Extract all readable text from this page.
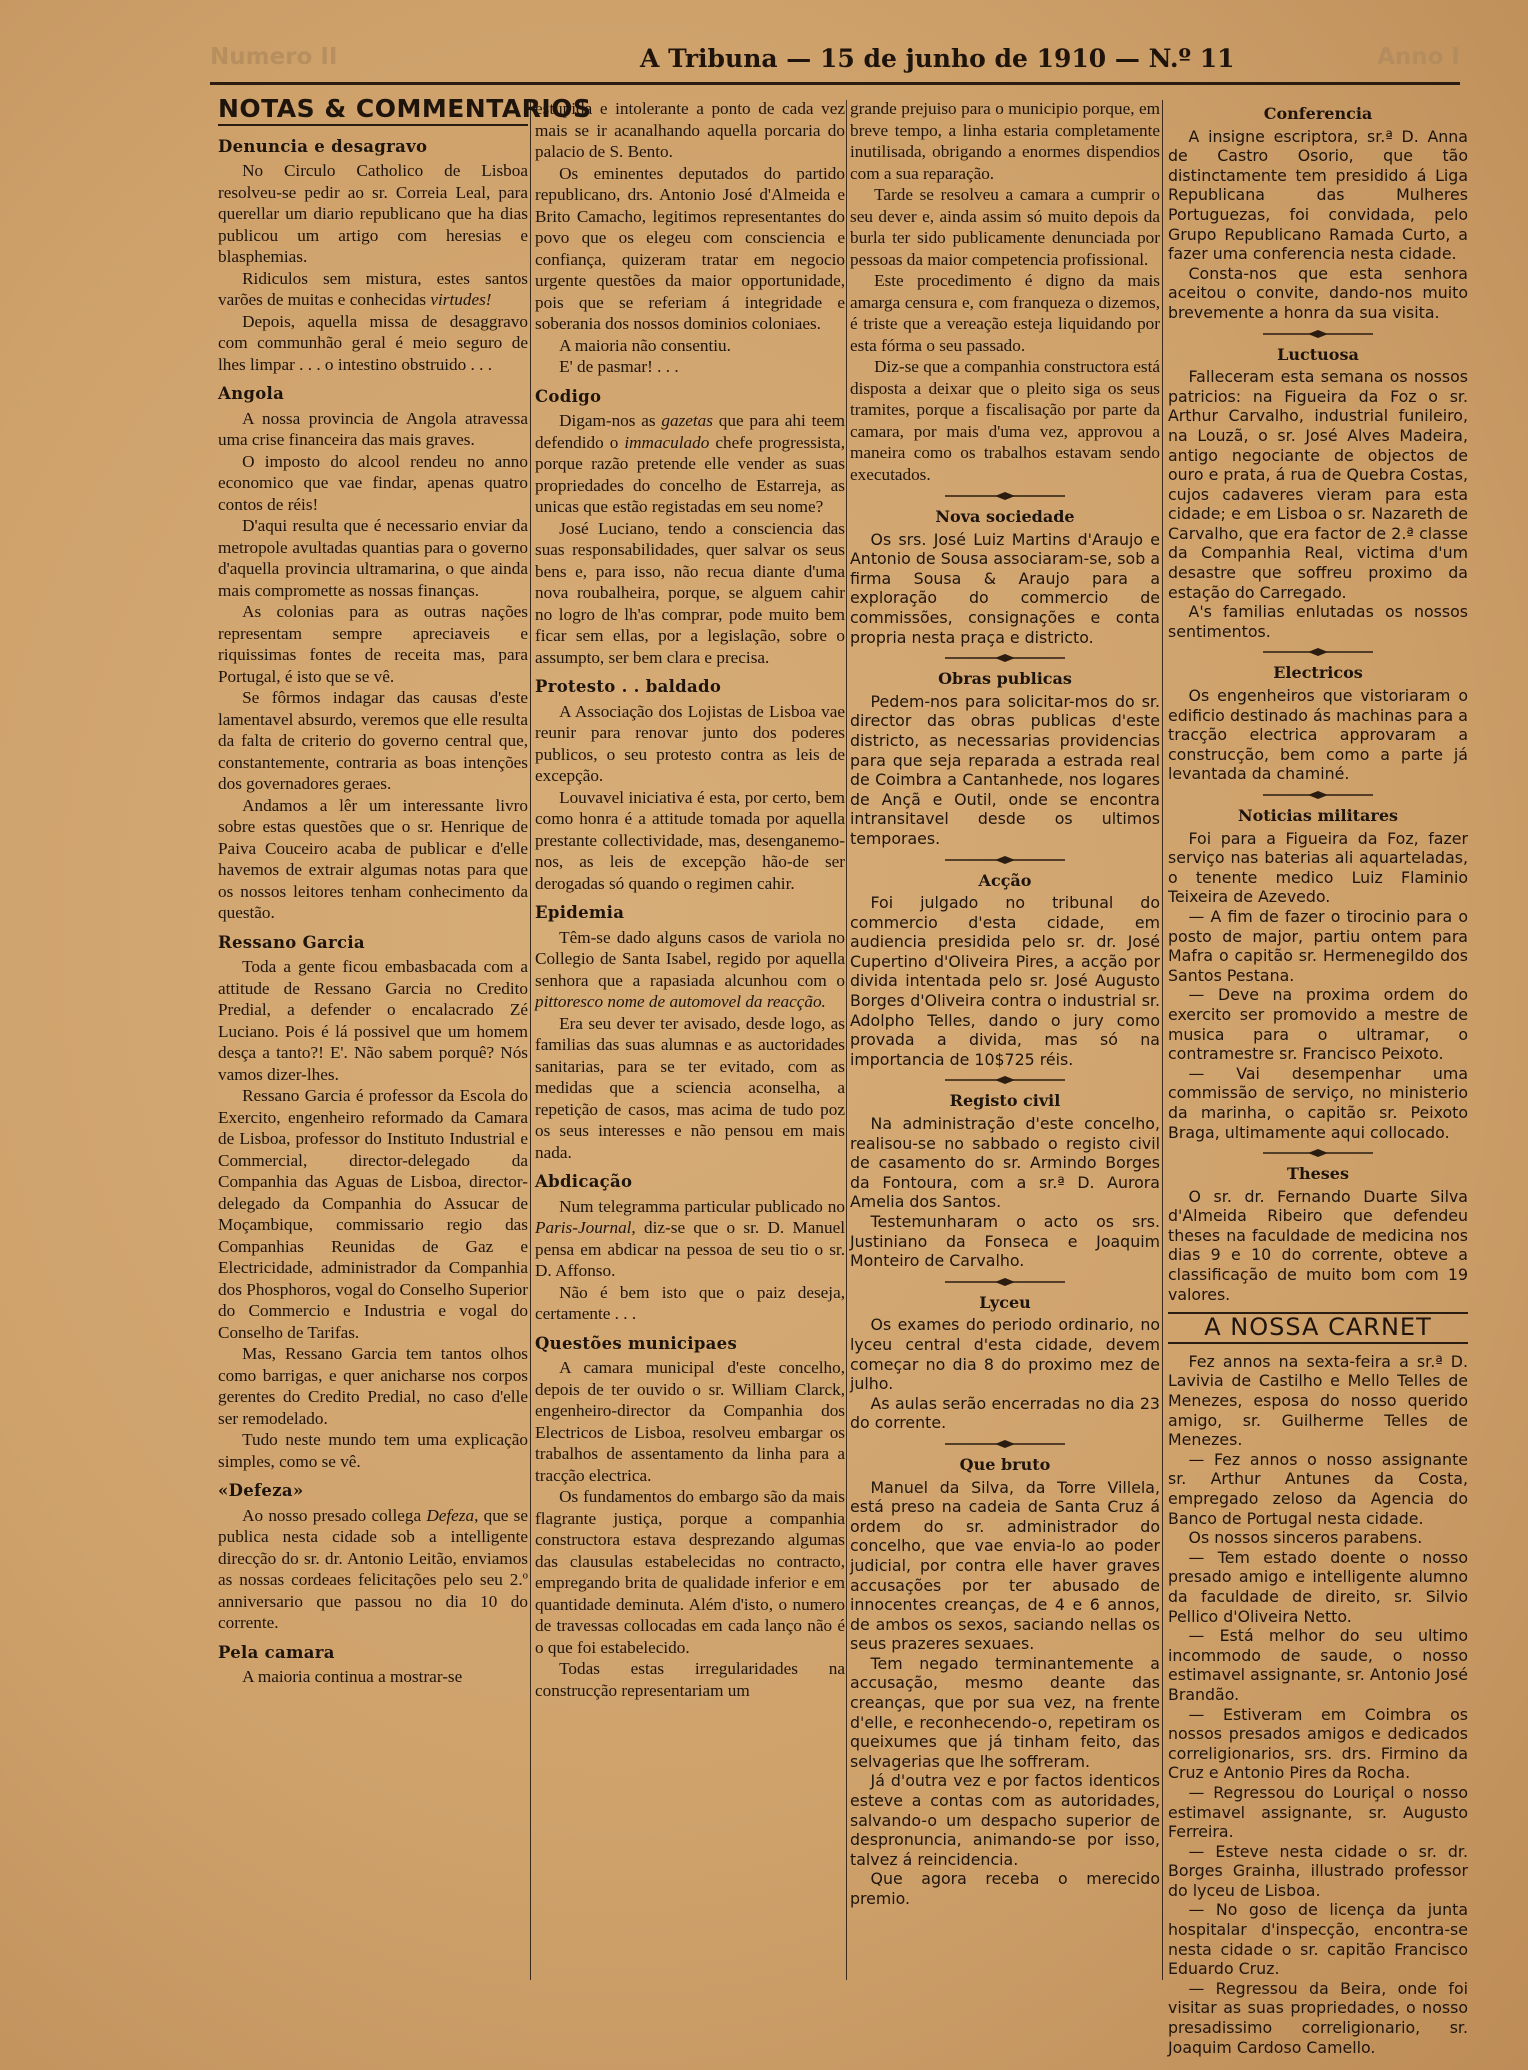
Numero II	A Tribuna — 15 de junho de 1910 — N.º 11	Anno I
NOTAS & COMMENTARIOS
Denuncia e desagravo

No Circulo Catholico de Lisboa resolveu-se pedir ao sr. Correia Leal, para querellar um diario republicano que ha dias publicou um artigo com heresias e blasphemias.

Ridiculos sem mistura, estes santos varões de muitas e conhecidas virtudes!

Depois, aquella missa de desaggravo com communhão geral é meio seguro de lhes limpar . . . o intestino obstruido . . .

Angola

A nossa provincia de Angola atravessa uma crise financeira das mais graves.

O imposto do alcool rendeu no anno economico que vae findar, apenas quatro contos de réis!

D'aqui resulta que é necessario enviar da metropole avultadas quantias para o governo d'aquella provincia ultramarina, o que ainda mais compromette as nossas finanças.

As colonias para as outras nações representam sempre apreciaveis e riquissimas fontes de receita mas, para Portugal, é isto que se vê.

Se fôrmos indagar das causas d'este lamentavel absurdo, veremos que elle resulta da falta de criterio do governo central que, constantemente, contraria as boas intenções dos governadores geraes.

Andamos a lêr um interessante livro sobre estas questões que o sr. Henrique de Paiva Couceiro acaba de publicar e d'elle havemos de extrair algumas notas para que os nossos leitores tenham conhecimento da questão.

Ressano Garcia

Toda a gente ficou embasbacada com a attitude de Ressano Garcia no Credito Predial, a defender o encalacrado Zé Luciano. Pois é lá possivel que um homem desça a tanto?! E'. Não sabem porquê? Nós vamos dizer-lhes.

Ressano Garcia é professor da Escola do Exercito, engenheiro reformado da Camara de Lisboa, professor do Instituto Industrial e Commercial, director-delegado da Companhia das Aguas de Lisboa, director-delegado da Companhia do Assucar de Moçambique, commissario regio das Companhias Reunidas de Gaz e Electricidade, administrador da Companhia dos Phosphoros, vogal do Conselho Superior do Commercio e Industria e vogal do Conselho de Tarifas.

Mas, Ressano Garcia tem tantos olhos como barrigas, e quer anicharse nos corpos gerentes do Credito Predial, no caso d'elle ser remodelado.

Tudo neste mundo tem uma explicação simples, como se vê.

«Defeza»

Ao nosso presado collega Defeza, que se publica nesta cidade sob a intelligente direcção do sr. dr. Antonio Leitão, enviamos as nossas cordeaes felicitações pelo seu 2.º anniversario que passou no dia 10 do corrente.

Pela camara

A maioria continua a mostrar-se

estupida e intolerante a ponto de cada vez mais se ir acanalhando aquella porcaria do palacio de S. Bento.

Os eminentes deputados do partido republicano, drs. Antonio José d'Almeida e Brito Camacho, legitimos representantes do povo que os elegeu com consciencia e confiança, quizeram tratar em negocio urgente questões da maior opportunidade, pois que se referiam á integridade e soberania dos nossos dominios coloniaes.

A maioria não consentiu.

E' de pasmar! . . .

Codigo

Digam-nos as gazetas que para ahi teem defendido o immaculado chefe progressista, porque razão pretende elle vender as suas propriedades do concelho de Estarreja, as unicas que estão registadas em seu nome?

José Luciano, tendo a consciencia das suas responsabilidades, quer salvar os seus bens e, para isso, não recua diante d'uma nova roubalheira, porque, se alguem cahir no logro de lh'as comprar, pode muito bem ficar sem ellas, por a legislação, sobre o assumpto, ser bem clara e precisa.

Protesto . . baldado

A Associação dos Lojistas de Lisboa vae reunir para renovar junto dos poderes publicos, o seu protesto contra as leis de excepção.

Louvavel iniciativa é esta, por certo, bem como honra é a attitude tomada por aquella prestante collectividade, mas, desenganemo-nos, as leis de excepção hão-de ser derogadas só quando o regimen cahir.

Epidemia

Têm-se dado alguns casos de variola no Collegio de Santa Isabel, regido por aquella senhora que a rapasiada alcunhou com o pittoresco nome de automovel da reacção.

Era seu dever ter avisado, desde logo, as familias das suas alumnas e as auctoridades sanitarias, para se ter evitado, com as medidas que a sciencia aconselha, a repetição de casos, mas acima de tudo poz os seus interesses e não pensou em mais nada.

Abdicação

Num telegramma particular publicado no Paris-Journal, diz-se que o sr. D. Manuel pensa em abdicar na pessoa de seu tio o sr. D. Affonso.

Não é bem isto que o paiz deseja, certamente . . .

Questões municipaes

A camara municipal d'este concelho, depois de ter ouvido o sr. William Clarck, engenheiro-director da Companhia dos Electricos de Lisboa, resolveu embargar os trabalhos de assentamento da linha para a tracção electrica.

Os fundamentos do embargo são da mais flagrante justiça, porque a companhia constructora estava desprezando algumas das clausulas estabelecidas no contracto, empregando brita de qualidade inferior e em quantidade deminuta. Além d'isto, o numero de travessas collocadas em cada lanço não é o que foi estabelecido.

Todas estas irregularidades na construcção representariam um

grande prejuiso para o municipio porque, em breve tempo, a linha estaria completamente inutilisada, obrigando a enormes dispendios com a sua reparação.

Tarde se resolveu a camara a cumprir o seu dever e, ainda assim só muito depois da burla ter sido publicamente denunciada por pessoas da maior competencia profissional.

Este procedimento é digno da mais amarga censura e, com franqueza o dizemos, é triste que a vereação esteja liquidando por esta fórma o seu passado.

Diz-se que a companhia constructora está disposta a deixar que o pleito siga os seus tramites, porque a fiscalisação por parte da camara, por mais d'uma vez, approvou a maneira como os trabalhos estavam sendo executados.

Nova sociedade

Os srs. José Luiz Martins d'Araujo e Antonio de Sousa associaram-se, sob a firma Sousa & Araujo para a exploração do commercio de commissões, consignações e conta propria nesta praça e districto.

Obras publicas

Pedem-nos para solicitar-mos do sr. director das obras publicas d'este districto, as necessarias providencias para que seja reparada a estrada real de Coimbra a Cantanhede, nos logares de Ançã e Outil, onde se encontra intransitavel desde os ultimos temporaes.

Acção

Foi julgado no tribunal do commercio d'esta cidade, em audiencia presidida pelo sr. dr. José Cupertino d'Oliveira Pires, a acção por divida intentada pelo sr. José Augusto Borges d'Oliveira contra o industrial sr. Adolpho Telles, dando o jury como provada a divida, mas só na importancia de 10$725 réis.

Registo civil

Na administração d'este concelho, realisou-se no sabbado o registo civil de casamento do sr. Armindo Borges da Fontoura, com a sr.ª D. Aurora Amelia dos Santos.

Testemunharam o acto os srs. Justiniano da Fonseca e Joaquim Monteiro de Carvalho.

Lyceu

Os exames do periodo ordinario, no lyceu central d'esta cidade, devem começar no dia 8 do proximo mez de julho.

As aulas serão encerradas no dia 23 do corrente.

Que bruto

Manuel da Silva, da Torre Villela, está preso na cadeia de Santa Cruz á ordem do sr. administrador do concelho, que vae envia-lo ao poder judicial, por contra elle haver graves accusações por ter abusado de innocentes creanças, de 4 e 6 annos, de ambos os sexos, saciando nellas os seus prazeres sexuaes.

Tem negado terminantemente a accusação, mesmo deante das creanças, que por sua vez, na frente d'elle, e reconhecendo-o, repetiram os queixumes que já tinham feito, das selvagerias que lhe soffreram.

Já d'outra vez e por factos identicos esteve a contas com as autoridades, salvando-o um despacho superior de despronuncia, animando-se por isso, talvez á reincidencia.

Que agora receba o merecido premio.

Conferencia

A insigne escriptora, sr.ª D. Anna de Castro Osorio, que tão distinctamente tem presidido á Liga Republicana das Mulheres Portuguezas, foi convidada, pelo Grupo Republicano Ramada Curto, a fazer uma conferencia nesta cidade.

Consta-nos que esta senhora aceitou o convite, dando-nos muito brevemente a honra da sua visita.

Luctuosa

Falleceram esta semana os nossos patricios: na Figueira da Foz o sr. Arthur Carvalho, industrial funileiro, na Louzã, o sr. José Alves Madeira, antigo negociante de objectos de ouro e prata, á rua de Quebra Costas, cujos cadaveres vieram para esta cidade; e em Lisboa o sr. Nazareth de Carvalho, que era factor de 2.ª classe da Companhia Real, victima d'um desastre que soffreu proximo da estação do Carregado.

A's familias enlutadas os nossos sentimentos.

Electricos

Os engenheiros que vistoriaram o edificio destinado ás machinas para a tracção electrica approvaram a construcção, bem como a parte já levantada da chaminé.

Noticias militares

Foi para a Figueira da Foz, fazer serviço nas baterias ali aquarteladas, o tenente medico Luiz Flaminio Teixeira de Azevedo.

— A fim de fazer o tirocinio para o posto de major, partiu ontem para Mafra o capitão sr. Hermenegildo dos Santos Pestana.

— Deve na proxima ordem do exercito ser promovido a mestre de musica para o ultramar, o contramestre sr. Francisco Peixoto.

— Vai desempenhar uma commissão de serviço, no ministerio da marinha, o capitão sr. Peixoto Braga, ultimamente aqui collocado.

Theses

O sr. dr. Fernando Duarte Silva d'Almeida Ribeiro que defendeu theses na faculdade de medicina nos dias 9 e 10 do corrente, obteve a classificação de muito bom com 19 valores.

A NOSSA CARNET

Fez annos na sexta-feira a sr.ª D. Lavivia de Castilho e Mello Telles de Menezes, esposa do nosso querido amigo, sr. Guilherme Telles de Menezes.

— Fez annos o nosso assignante sr. Arthur Antunes da Costa, empregado zeloso da Agencia do Banco de Portugal nesta cidade.

Os nossos sinceros parabens.

— Tem estado doente o nosso presado amigo e intelligente alumno da faculdade de direito, sr. Silvio Pellico d'Oliveira Netto.

— Está melhor do seu ultimo incommodo de saude, o nosso estimavel assignante, sr. Antonio José Brandão.

— Estiveram em Coimbra os nossos presados amigos e dedicados correligionarios, srs. drs. Firmino da Cruz e Antonio Pires da Rocha.

— Regressou do Louriçal o nosso estimavel assignante, sr. Augusto Ferreira.

— Esteve nesta cidade o sr. dr. Borges Grainha, illustrado professor do lyceu de Lisboa.

— No goso de licença da junta hospitalar d'inspecção, encontra-se nesta cidade o sr. capitão Francisco Eduardo Cruz.

— Regressou da Beira, onde foi visitar as suas propriedades, o nosso presadissimo correligionario, sr. Joaquim Cardoso Camello.
